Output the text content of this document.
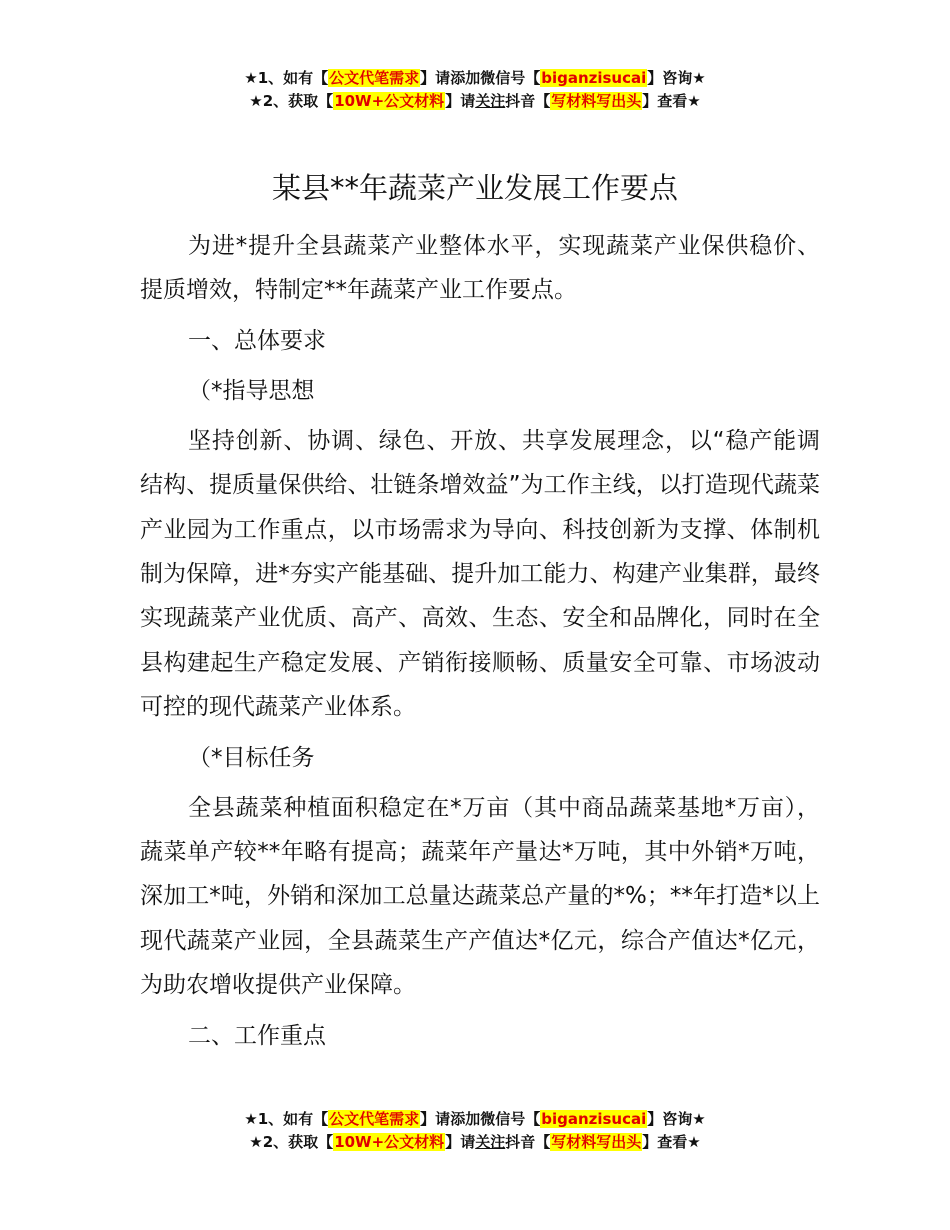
★1、如有【公文代笔需求】请添加微信号【biganzisucai】咨询★
★2、获取【10W+公文材料】请关注抖音【写材料写出头】查看★
某县**年蔬菜产业发展工作要点

为进*提升全县蔬菜产业整体水平，实现蔬菜产业保供稳价、提质增效，特制定**年蔬菜产业工作要点。

一、总体要求
（*指导思想

坚持创新、协调、绿色、开放、共享发展理念，以“稳产能调结构、提质量保供给、壮链条增效益”为工作主线，以打造现代蔬菜产业园为工作重点，以市场需求为导向、科技创新为支撑、体制机制为保障，进*夯实产能基础、提升加工能力、构建产业集群，最终实现蔬菜产业优质、高产、高效、生态、安全和品牌化，同时在全县构建起生产稳定发展、产销衔接顺畅、质量安全可靠、市场波动可控的现代蔬菜产业体系。

（*目标任务

全县蔬菜种植面积稳定在*万亩（其中商品蔬菜基地*万亩），蔬菜单产较**年略有提高；蔬菜年产量达*万吨，其中外销*万吨，深加工*吨，外销和深加工总量达蔬菜总产量的*%；**年打造*以上现代蔬菜产业园，全县蔬菜生产产值达*亿元，综合产值达*亿元，为助农增收提供产业保障。

二、工作重点
★1、如有【公文代笔需求】请添加微信号【biganzisucai】咨询★
★2、获取【10W+公文材料】请关注抖音【写材料写出头】查看★
